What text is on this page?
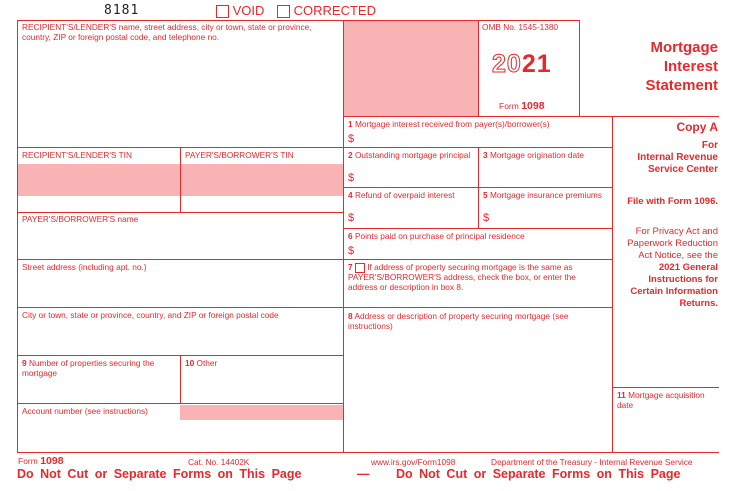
8181	VOID	CORRECTED
RECIPIENT'S/LENDER'S name, street address, city or town, state or province, country, ZIP or foreign postal code, and telephone no.
RECIPIENT'S/LENDER'S TIN	PAYER'S/BORROWER'S TIN
PAYER'S/BORROWER'S name
Street address (including apt. no.)
City or town, state or province, country, and ZIP or foreign postal code
9 Number of properties securing the mortgage
10 Other
Account number (see instructions)
OMB No. 1545-1380
2021
Form 1098
Mortgage
Interest
Statement
1 Mortgage interest received from payer(s)/borrower(s)
$
2 Outstanding mortgage principal
$
3 Mortgage origination date
4 Refund of overpaid interest
$
5 Mortgage insurance premiums
$
6 Points paid on purchase of principal residence
$
7 If address of property securing mortgage is the same as PAYER'S/BORROWER'S address, check the box, or enter the address or description in box 8.
8 Address or description of property securing mortgage (see instructions)
11 Mortgage acquisition date
Copy A
For
Internal Revenue
Service Center
File with Form 1096.
For Privacy Act and Paperwork Reduction Act Notice, see the 2021 General Instructions for Certain Information Returns.
Form 1098	Cat. No. 14402K	www.irs.gov/Form1098	Department of the Treasury - Internal Revenue Service
Do Not Cut or Separate Forms on This Page	— Do Not Cut or Separate Forms on This Page
